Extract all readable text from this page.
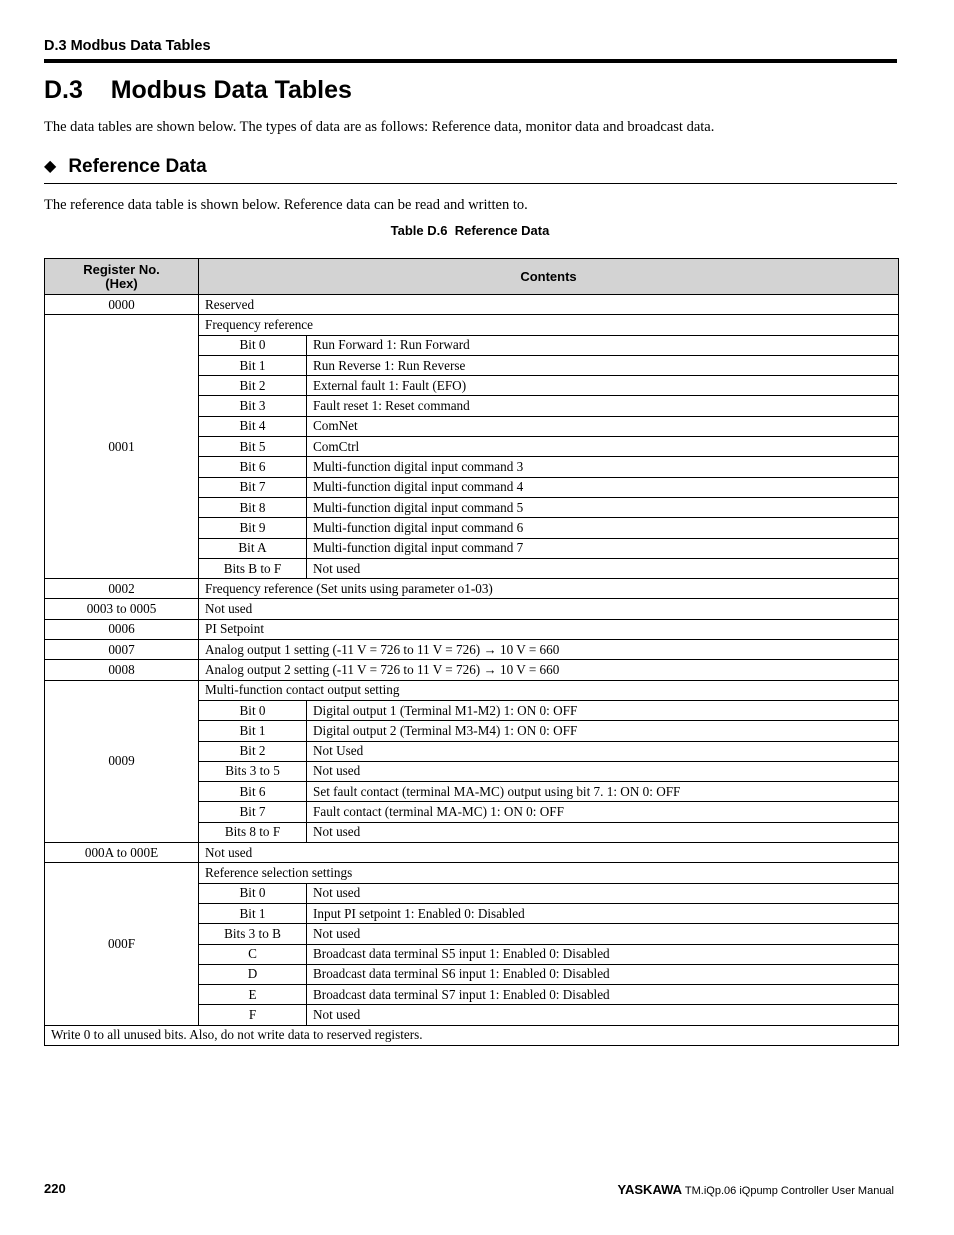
D.3 Modbus Data Tables
D.3 Modbus Data Tables
The data tables are shown below. The types of data are as follows: Reference data, monitor data and broadcast data.
◆ Reference Data
The reference data table is shown below. Reference data can be read and written to.
Table D.6  Reference Data
Register No.
(Hex)	Contents	
0000	Reserved	
0001	Frequency reference	
	Bit 0	Run Forward 1: Run Forward
	Bit 1	Run Reverse 1: Run Reverse
	Bit 2	External fault 1: Fault (EFO)
	Bit 3	Fault reset 1: Reset command
	Bit 4	ComNet
	Bit 5	ComCtrl
	Bit 6	Multi-function digital input command 3
	Bit 7	Multi-function digital input command 4
	Bit 8	Multi-function digital input command 5
	Bit 9	Multi-function digital input command 6
	Bit A	Multi-function digital input command 7
	Bits B to F	Not used
0002	Frequency reference (Set units using parameter o1-03)	
0003 to 0005	Not used	
0006	PI Setpoint	
0007	Analog output 1 setting (-11 V = 726 to 11 V = 726) → 10 V = 660	
0008	Analog output 2 setting (-11 V = 726 to 11 V = 726) → 10 V = 660	
0009	Multi-function contact output setting	
	Bit 0	Digital output 1 (Terminal M1-M2) 1: ON 0: OFF
	Bit 1	Digital output 2 (Terminal M3-M4) 1: ON 0: OFF
	Bit 2	Not Used
	Bits 3 to 5	Not used
	Bit 6	Set fault contact (terminal MA-MC) output using bit 7. 1: ON 0: OFF
	Bit 7	Fault contact (terminal MA-MC) 1: ON 0: OFF
	Bits 8 to F	Not used
000A to 000E	Not used	
000F	Reference selection settings	
	Bit 0	Not used
	Bit 1	Input PI setpoint 1: Enabled 0: Disabled
	Bits 3 to B	Not used
	C	Broadcast data terminal S5 input 1: Enabled 0: Disabled
	D	Broadcast data terminal S6 input 1: Enabled 0: Disabled
	E	Broadcast data terminal S7 input 1: Enabled 0: Disabled
	F	Not used
Write 0 to all unused bits. Also, do not write data to reserved registers.		
220	YASKAWA TM.iQp.06 iQpump Controller User Manual
